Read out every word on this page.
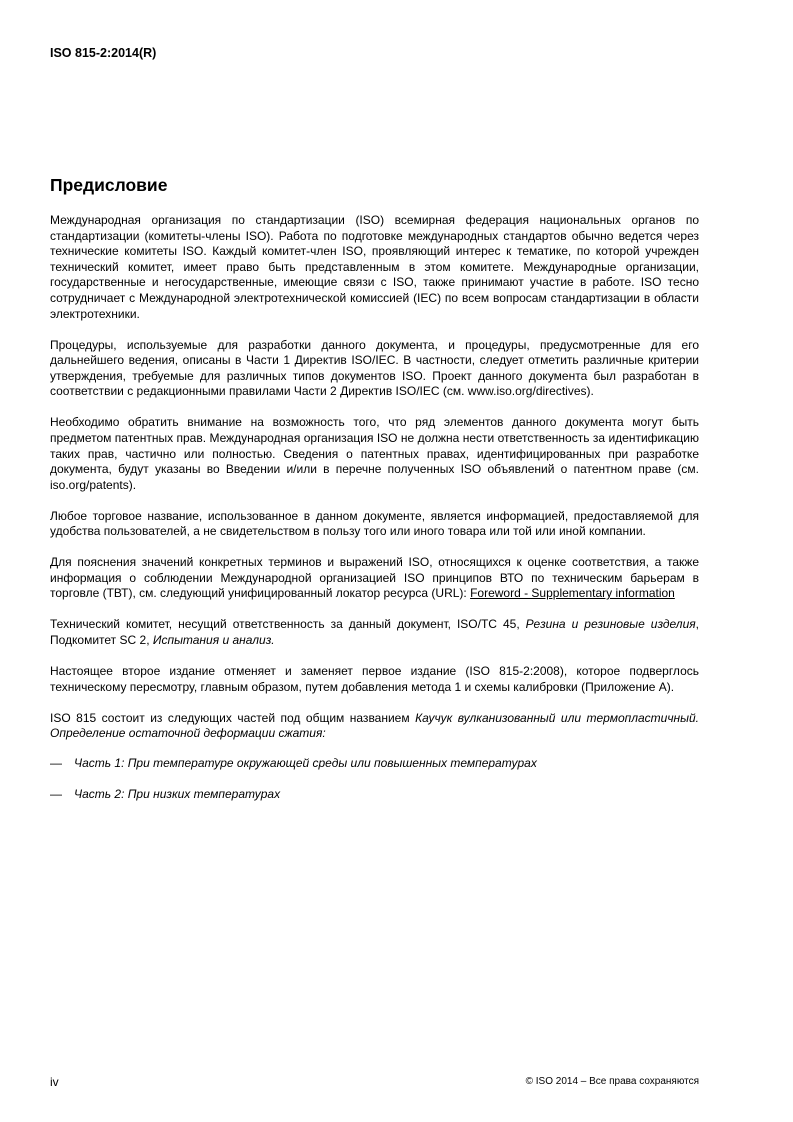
ISO 815-2:2014(R)
Предисловие

Международная организация по стандартизации (ISO) всемирная федерация национальных органов по стандартизации (комитеты-члены ISO). Работа по подготовке международных стандартов обычно ведется через технические комитеты ISO. Каждый комитет-член ISO, проявляющий интерес к тематике, по которой учрежден технический комитет, имеет право быть представленным в этом комитете. Международные организации, государственные и негосударственные, имеющие связи с ISO, также принимают участие в работе. ISO тесно сотрудничает с Международной электротехнической комиссией (IEC) по всем вопросам стандартизации в области электротехники.

Процедуры, используемые для разработки данного документа, и процедуры, предусмотренные для его дальнейшего ведения, описаны в Части 1 Директив ISO/IEC. В частности, следует отметить различные критерии утверждения, требуемые для различных типов документов ISO. Проект данного документа был разработан в соответствии с редакционными правилами Части 2 Директив ISO/IEC (см. www.iso.org/directives).

Необходимо обратить внимание на возможность того, что ряд элементов данного документа могут быть предметом патентных прав. Международная организация ISO не должна нести ответственность за идентификацию таких прав, частично или полностью. Сведения о патентных правах, идентифицированных при разработке документа, будут указаны во Введении и/или в перечне полученных ISO объявлений о патентном праве (см. iso.org/patents).

Любое торговое название, использованное в данном документе, является информацией, предоставляемой для удобства пользователей, а не свидетельством в пользу того или иного товара или той или иной компании.

Для пояснения значений конкретных терминов и выражений ISO, относящихся к оценке соответствия, а также информация о соблюдении Международной организацией ISO принципов ВТО по техническим барьерам в торговле (ТВТ), см. следующий унифицированный локатор ресурса (URL): Foreword - Supplementary information

Технический комитет, несущий ответственность за данный документ, ISO/TC 45, Резина и резиновые изделия, Подкомитет SC 2, Испытания и анализ.

Настоящее второе издание отменяет и заменяет первое издание (ISO 815-2:2008), которое подверглось техническому пересмотру, главным образом, путем добавления метода 1 и схемы калибровки (Приложение A).

ISO 815 состоит из следующих частей под общим названием Каучук вулканизованный или термопластичный. Определение остаточной деформации сжатия:

—	Часть 1: При температуре окружающей среды или повышенных температурах
—	Часть 2: При низких температурах
iv	© ISO 2014 – Все права сохраняются
